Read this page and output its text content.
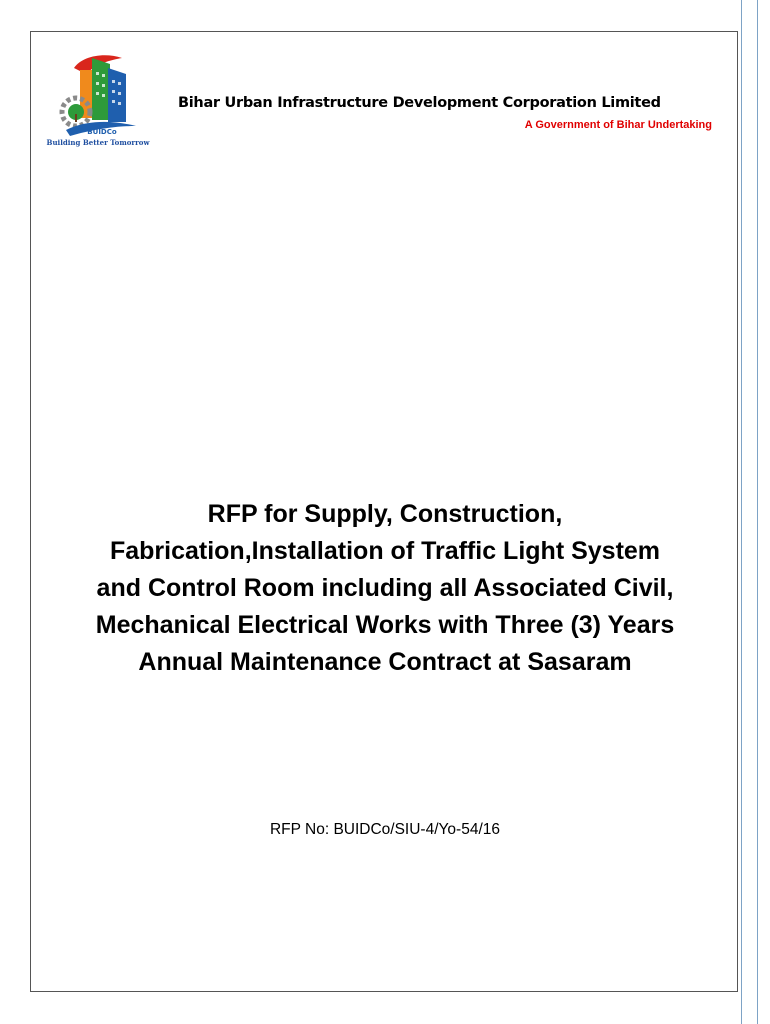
BUIDCo
Building Better Tomorrow
Bihar Urban Infrastructure Development Corporation Limited
A Government of Bihar Undertaking
RFP for Supply, Construction,
Fabrication,Installation of Traffic Light System
and Control Room including all Associated Civil,
Mechanical Electrical Works with Three (3) Years
Annual Maintenance Contract at Sasaram
RFP No: BUIDCo/SIU-4/Yo-54/16
